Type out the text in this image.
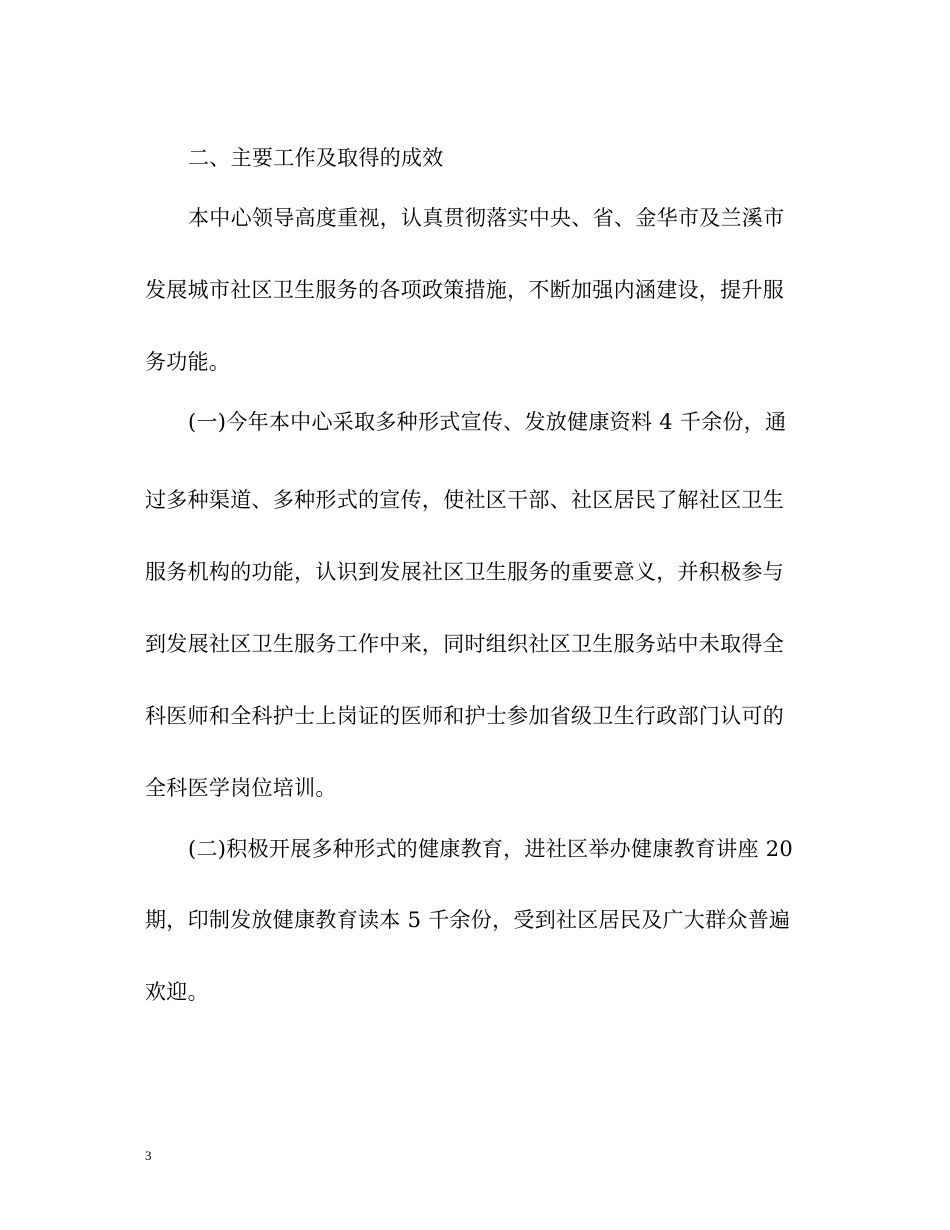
二、主要工作及取得的成效
本中心领导高度重视，认真贯彻落实中央、省、金华市及兰溪市
发展城市社区卫生服务的各项政策措施，不断加强内涵建设，提升服
务功能。
(一)今年本中心采取多种形式宣传、发放健康资料 4 千余份，通
过多种渠道、多种形式的宣传，使社区干部、社区居民了解社区卫生
服务机构的功能，认识到发展社区卫生服务的重要意义，并积极参与
到发展社区卫生服务工作中来，同时组织社区卫生服务站中未取得全
科医师和全科护士上岗证的医师和护士参加省级卫生行政部门认可的
全科医学岗位培训。
(二)积极开展多种形式的健康教育，进社区举办健康教育讲座 20
期，印制发放健康教育读本 5 千余份，受到社区居民及广大群众普遍
欢迎。
3
